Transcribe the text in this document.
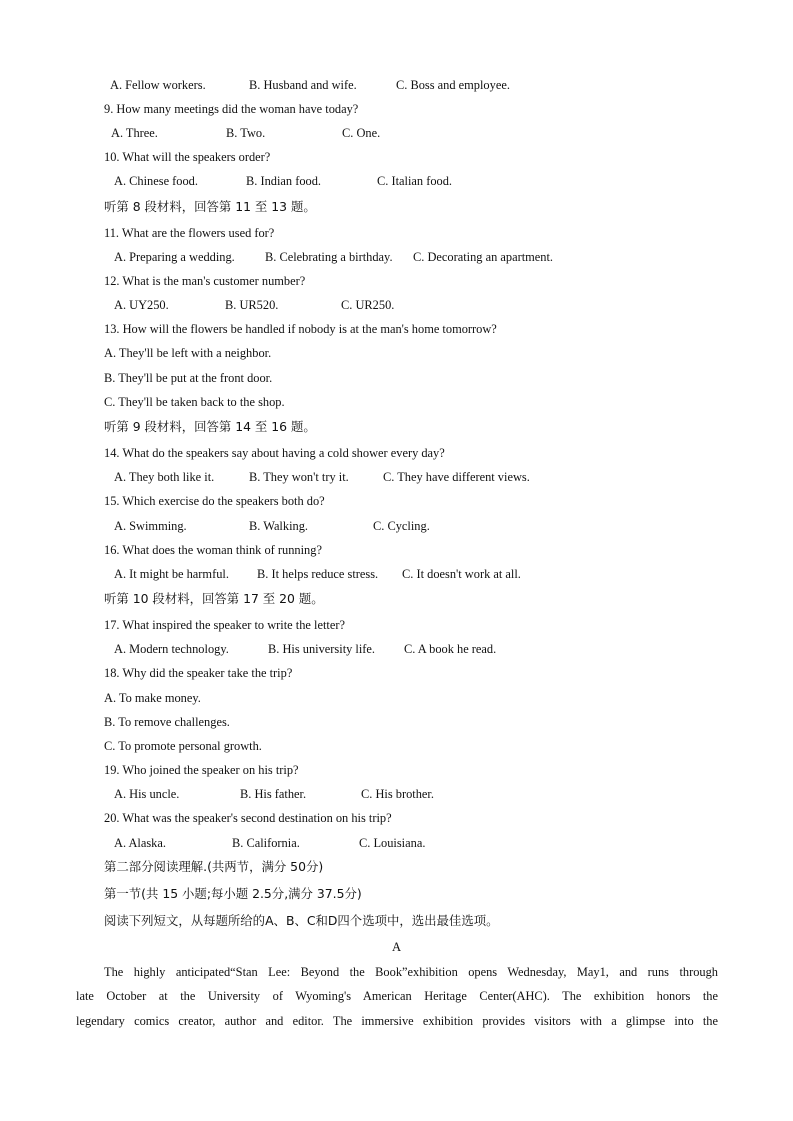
A. Fellow workers.	B. Husband and wife.	C. Boss and employee.
9. How many meetings did the woman have today?
A. Three.	B. Two.	C. One.
10. What will the speakers order?
A. Chinese food.	B. Indian food.	C. Italian food.
听第 8 段材料，回答第 11 至 13 题。
11. What are the flowers used for?
A. Preparing a wedding. B. Celebrating a birthday. C. Decorating an apartment.
12. What is the man's customer number?
A. UY250.	B. UR520.	C. UR250.
13. How will the flowers be handled if nobody is at the man's home tomorrow?
A. They'll be left with a neighbor.
B. They'll be put at the front door.
C. They'll be taken back to the shop.
听第 9 段材料，回答第 14 至 16 题。
14. What do the speakers say about having a cold shower every day?
A. They both like it.	B. They won't try it.	C. They have different views.
15. Which exercise do the speakers both do?
A. Swimming.	B. Walking.	C. Cycling.
16. What does the woman think of running?
A. It might be harmful. B. It helps reduce stress. C. It doesn't work at all.
听第 10 段材料，回答第 17 至 20 题。
17. What inspired the speaker to write the letter?
A. Modern technology.	B. His university life. C. A book he read.
18. Why did the speaker take the trip?
A. To make money.
B. To remove challenges.
C. To promote personal growth.
19. Who joined the speaker on his trip?
A. His uncle.	B. His father.	C. His brother.
20. What was the speaker's second destination on his trip?
A. Alaska.	B. California.	C. Louisiana.
第二部分阅读理解.(共两节，满分 50分)
第一节(共 15 小题;每小题 2.5分,满分 37.5分)
阅读下列短文，从每题所给的A、B、C和D四个选项中，选出最佳选项。
A
The highly anticipated“Stan Lee: Beyond the Book”exhibition opens Wednesday, May1, and runs through
late October at the University of Wyoming's American Heritage Center(AHC). The exhibition honors the
legendary comics creator, author and editor. The immersive exhibition provides visitors with a glimpse into the
